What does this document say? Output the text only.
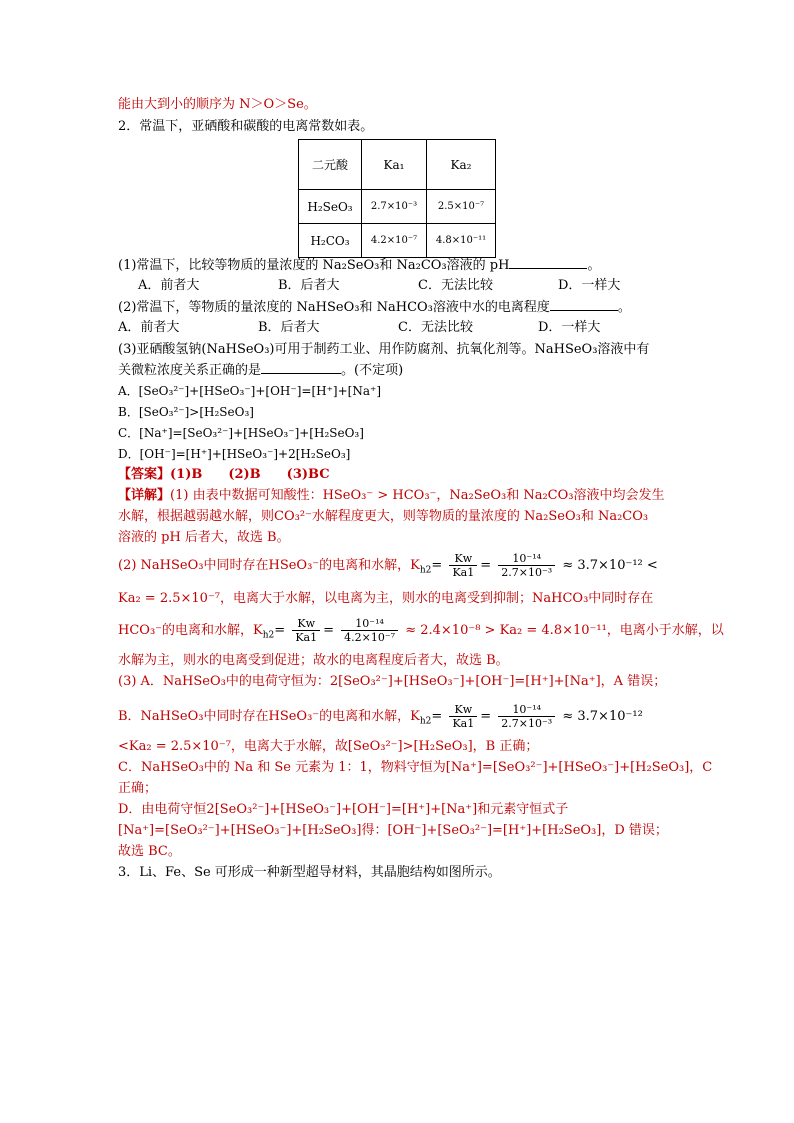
能由大到小的顺序为 N＞O＞Se。
2．常温下，亚硒酸和碳酸的电离常数如表。
二元酸	Ka₁	Ka₂
H₂SeO₃	2.7×10⁻³	2.5×10⁻⁷
H₂CO₃	4.2×10⁻⁷	4.8×10⁻¹¹
(1)常温下，比较等物质的量浓度的 Na₂SeO₃和 Na₂CO₃溶液的 pH	。
A．前者大	B．后者大	C．无法比较	D．一样大
(2)常温下，等物质的量浓度的 NaHSeO₃和 NaHCO₃溶液中水的电离程度	。
A．前者大	B．后者大	C．无法比较	D．一样大
(3)亚硒酸氢钠(NaHSeO₃)可用于制药工业、用作防腐剂、抗氧化剂等。NaHSeO₃溶液中有
关微粒浓度关系正确的是	。(不定项)
A．[SeO₃²⁻]+[HSeO₃⁻]+[OH⁻]=[H⁺]+[Na⁺]
B．[SeO₃²⁻]>[H₂SeO₃]
C．[Na⁺]=[SeO₃²⁻]+[HSeO₃⁻]+[H₂SeO₃]
D．[OH⁻]=[H⁺]+[HSeO₃⁻]+2[H₂SeO₃]
【答案】(1)B　　(2)B　　(3)BC
【详解】(1) 由表中数据可知酸性：HSeO₃⁻ > HCO₃⁻，Na₂SeO₃和 Na₂CO₃溶液中均会发生
水解，根据越弱越水解，则CO₃²⁻水解程度更大，则等物质的量浓度的 Na₂SeO₃和 Na₂CO₃
溶液的 pH 后者大，故选 B。
(2) NaHSeO₃中同时存在HSeO₃⁻的电离和水解，$K_{h2}= \frac{Kw}{Ka1} = \frac{\text{10⁻¹⁴}}{\text{2.7×10⁻³}} \approx 3.7\times 10^{-12}$ <
Ka₂ = 2.5×10⁻⁷，电离大于水解，以电离为主，则水的电离受到抑制；NaHCO₃中同时存在
HCO₃⁻的电离和水解，$K_{h2}= \frac{Kw}{Ka1} = \frac{\text{10⁻¹⁴}}{\text{4.2×10⁻⁷}} \approx 2.4\times 10^{-8} > Ka_2 = 4.8\times 10^{-11}$，电离小于水解，以
水解为主，则水的电离受到促进；故水的电离程度后者大，故选 B。
(3) A．NaHSeO₃中的电荷守恒为：2[SeO₃²⁻]+[HSeO₃⁻]+[OH⁻]=[H⁺]+[Na⁺]，A 错误；
B．NaHSeO₃中同时存在HSeO₃⁻的电离和水解，$K_{h2}= \frac{Kw}{Ka1} = \frac{\text{10⁻¹⁴}}{\text{2.7×10⁻³}} \approx 3.7\times 10^{-12}$
<Ka₂ = 2.5×10⁻⁷，电离大于水解，故[SeO₃²⁻]>[H₂SeO₃]，B 正确；
C．NaHSeO₃中的 Na 和 Se 元素为 1：1，物料守恒为[Na⁺]=[SeO₃²⁻]+[HSeO₃⁻]+[H₂SeO₃]，C
正确；
D．由电荷守恒2[SeO₃²⁻]+[HSeO₃⁻]+[OH⁻]=[H⁺]+[Na⁺]和元素守恒式子
[Na⁺]=[SeO₃²⁻]+[HSeO₃⁻]+[H₂SeO₃]得：[OH⁻]+[SeO₃²⁻]=[H⁺]+[H₂SeO₃]，D 错误；
故选 BC。
3．Li、Fe、Se 可形成一种新型超导材料，其晶胞结构如图所示。
